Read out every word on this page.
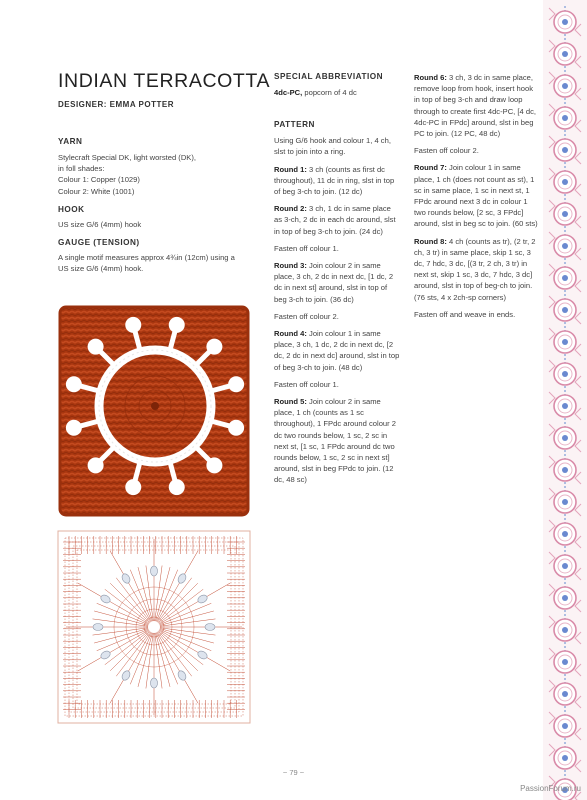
INDIAN TERRACOTTA
DESIGNER: EMMA POTTER
YARN
Stylecraft Special DK, light worsted (DK),
in foll shades:
Colour 1: Copper (1029)
Colour 2: White (1001)
HOOK
US size G/6 (4mm) hook
GAUGE (TENSION)
A single motif measures approx 4¾in (12cm) using a
US size G/6 (4mm) hook.
SPECIAL ABBREVIATION
4dc-PC, popcorn of 4 dc
PATTERN
Using G/6 hook and colour 1, 4 ch, slst to join into a ring.
Round 1: 3 ch (counts as first dc throughout), 11 dc in ring, slst in top of beg 3-ch to join. (12 dc)
Round 2: 3 ch, 1 dc in same place as 3-ch, 2 dc in each dc around, slst in top of beg 3-ch to join. (24 dc)
Fasten off colour 1.
Round 3: Join colour 2 in same place, 3 ch, 2 dc in next dc, [1 dc, 2 dc in next st] around, slst in top of beg 3-ch to join. (36 dc)
Fasten off colour 2.
Round 4: Join colour 1 in same place, 3 ch, 1 dc, 2 dc in next dc, [2 dc, 2 dc in next dc] around, slst in top of beg 3-ch to join. (48 dc)
Fasten off colour 1.
Round 5: Join colour 2 in same place, 1 ch (counts as 1 sc throughout), 1 FPdc around colour 2 dc two rounds below, 1 sc, 2 sc in next st, [1 sc, 1 FPdc around dc two rounds below, 1 sc, 2 sc in next st] around, slst in beg FPdc to join. (12 dc, 48 sc)
Round 6: 3 ch, 3 dc in same place, remove loop from hook, insert hook in top of beg 3-ch and draw loop through to create first 4dc-PC, [4 dc, 4dc-PC in FPdc] around, slst in beg PC to join. (12 PC, 48 dc)
Fasten off colour 2.
Round 7: Join colour 1 in same place, 1 ch (does not count as st), 1 sc in same place, 1 sc in next st, 1 FPdc around next 3 dc in colour 1 two rounds below, [2 sc, 3 FPdc] around, slst in beg sc to join. (60 sts)
Round 8: 4 ch (counts as tr), (2 tr, 2 ch, 3 tr) in same place, skip 1 sc, 3 dc, 7 hdc, 3 dc, [(3 tr, 2 ch, 3 tr) in next st, skip 1 sc, 3 dc, 7 hdc, 3 dc] around, slst in top of beg-ch to join. (76 sts, 4 x 2ch-sp corners)
Fasten off and weave in ends.
~ 79 ~
PassionForum.ru
